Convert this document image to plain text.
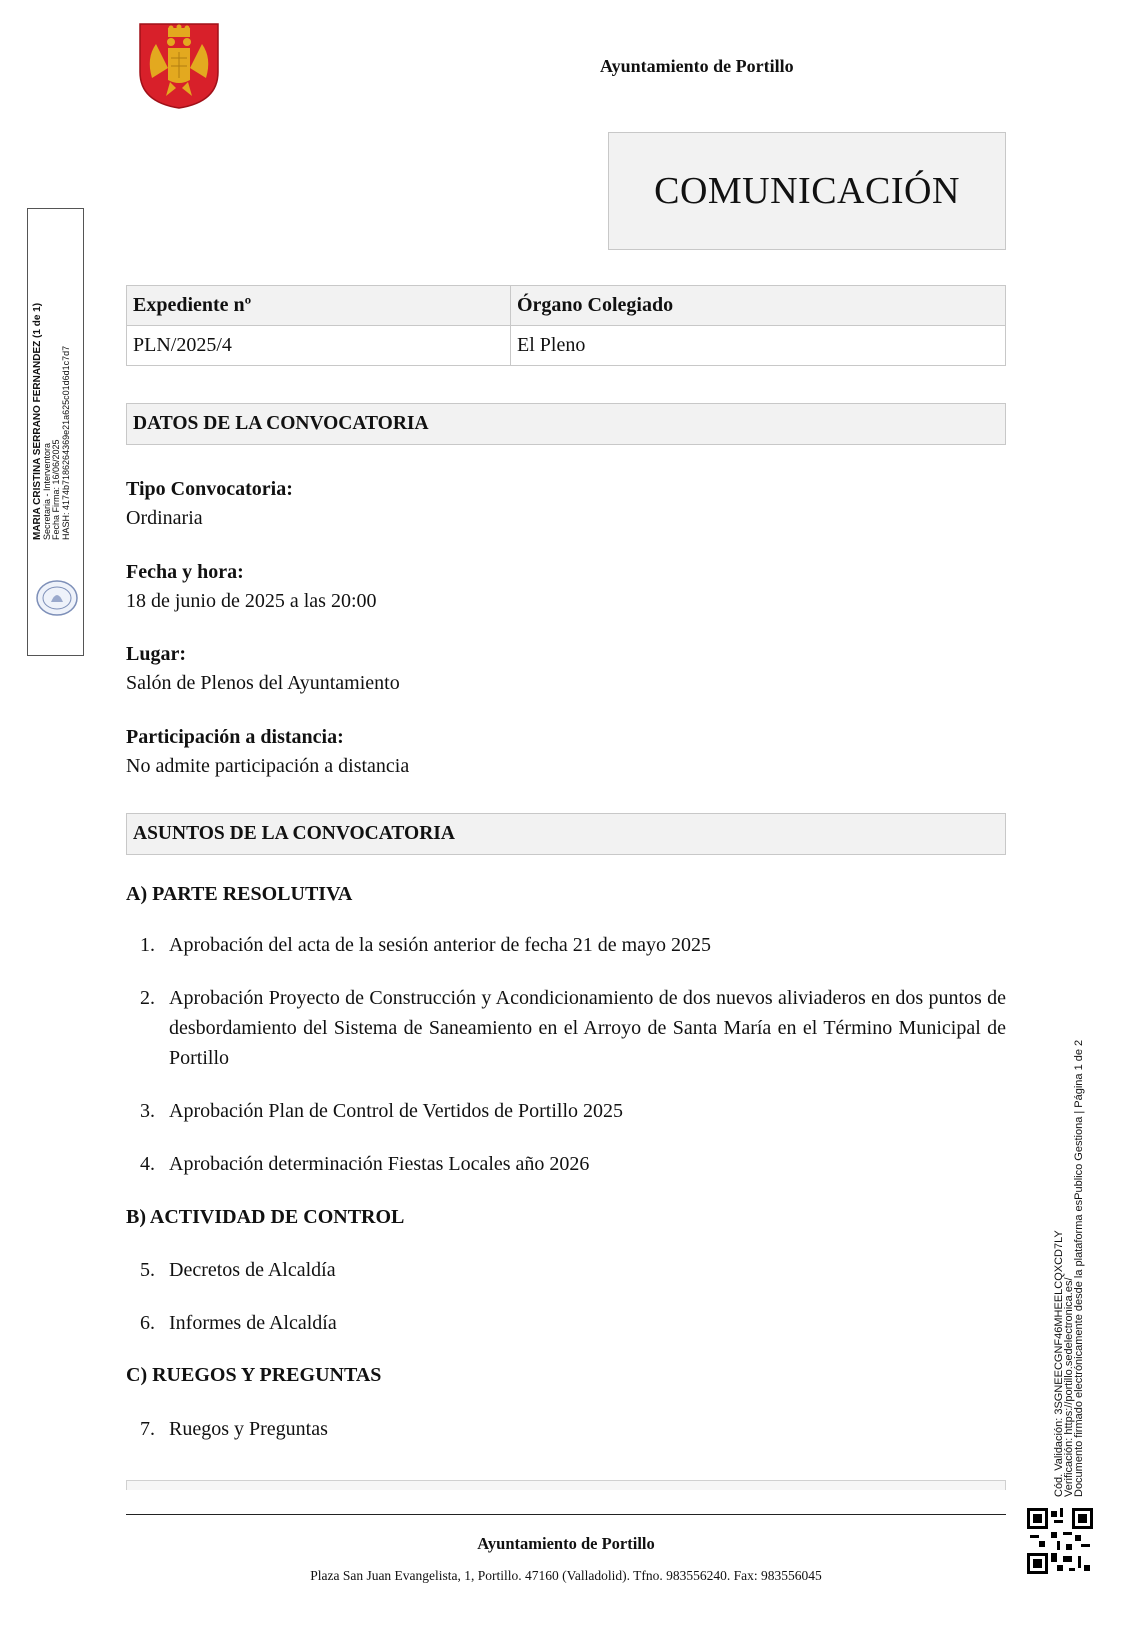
Ayuntamiento de Portillo
COMUNICACIÓN
Expediente nº	Órgano Colegiado
PLN/2025/4	El Pleno
DATOS DE LA CONVOCATORIA
Tipo Convocatoria:
Ordinaria
Fecha y hora:
18 de junio de 2025 a las 20:00
Lugar:
Salón de Plenos del Ayuntamiento
Participación a distancia:
No admite participación a distancia
ASUNTOS DE LA CONVOCATORIA
A) PARTE RESOLUTIVA
1. Aprobación del acta de la sesión anterior de fecha 21 de mayo 2025
2. Aprobación Proyecto de Construcción y Acondicionamiento de dos nuevos aliviaderos en dos puntos de desbordamiento del Sistema de Saneamiento en el Arroyo de Santa María en el Término Municipal de Portillo
3. Aprobación Plan de Control de Vertidos de Portillo 2025
4. Aprobación determinación Fiestas Locales año 2026
B) ACTIVIDAD DE CONTROL
5. Decretos de Alcaldía
6. Informes de Alcaldía
C) RUEGOS Y PREGUNTAS
7. Ruegos y Preguntas
Ayuntamiento de Portillo
Plaza San Juan Evangelista, 1, Portillo. 47160 (Valladolid). Tfno. 983556240. Fax: 983556045
MARIA CRISTINA SERRANO FERNANDEZ (1 de 1) Secretaria - Interventora Fecha Firma: 16/06/2025 HASH: 4174b7186264369e21a625c01d6d1c7d7
Cód. Validación: 3SGNEECGNF46MHEELCQXCD7LY
Verificación: https://portillo.sedelectronica.es/
Documento firmado electrónicamente desde la plataforma esPublico Gestiona | Página 1 de 2
